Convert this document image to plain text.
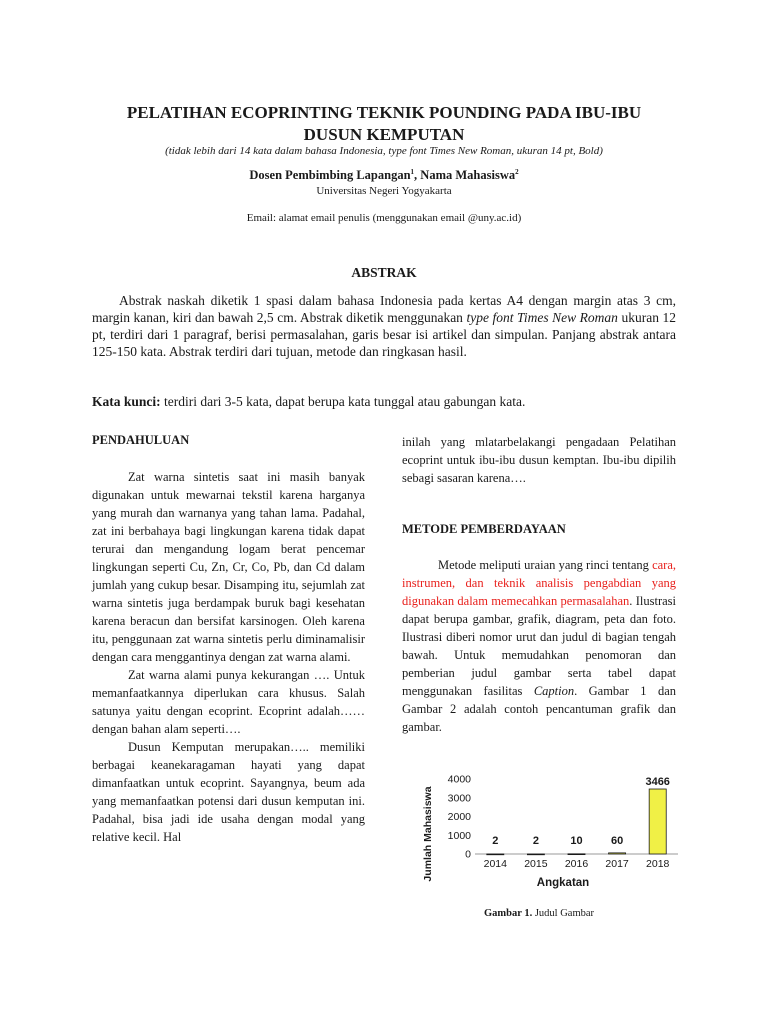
PELATIHAN ECOPRINTING TEKNIK POUNDING PADA IBU-IBU
DUSUN KEMPUTAN
(tidak lebih dari 14 kata dalam bahasa Indonesia, type font Times New Roman, ukuran 14 pt, Bold)
Dosen Pembimbing Lapangan$^1$, Nama Mahasiswa$^2$
Universitas Negeri Yogyakarta
Email: alamat email penulis (menggunakan email @uny.ac.id)
ABSTRAK
Abstrak naskah diketik 1 spasi dalam bahasa Indonesia pada kertas A4 dengan margin atas 3 cm, margin kanan, kiri dan bawah 2,5 cm. Abstrak diketik menggunakan type font Times New Roman ukuran 12 pt, terdiri dari 1 paragraf, berisi permasalahan, garis besar isi artikel dan simpulan. Panjang abstrak antara 125-150 kata. Abstrak terdiri dari tujuan, metode dan ringkasan hasil.
Kata kunci: terdiri dari 3-5 kata, dapat berupa kata tunggal atau gabungan kata.
PENDAHULUAN

Zat warna sintetis saat ini masih banyak digunakan untuk mewarnai tekstil karena harganya yang murah dan warnanya yang tahan lama. Padahal, zat ini berbahaya bagi lingkungan karena tidak dapat terurai dan mengandung logam berat pencemar lingkungan seperti Cu, Zn, Cr, Co, Pb, dan Cd dalam jumlah yang cukup besar. Disamping itu, sejumlah zat warna sintetis juga berdampak buruk bagi kesehatan karena beracun dan bersifat karsinogen. Oleh karena itu, penggunaan zat warna sintetis perlu diminamalisir dengan cara menggantinya dengan zat warna alami.

Zat warna alami punya kekurangan …. Untuk memanfaatkannya diperlukan cara khusus. Salah satunya yaitu dengan ecoprint. Ecoprint adalah…… dengan bahan alam seperti….

Dusun Kemputan merupakan….. memiliki berbagai keanekaragaman hayati yang dapat dimanfaatkan untuk ecoprint. Sayangnya, beum ada yang memanfaatkan potensi dari dusun kemputan ini. Padahal, bisa jadi ide usaha dengan modal yang relative kecil. Hal

inilah yang mlatarbelakangi pengadaan Pelatihan ecoprint untuk ibu-ibu dusun kemptan. Ibu-ibu dipilih sebagi sasaran karena….

METODE PEMBERDAYAAN

Metode meliputi uraian yang rinci tentang cara, instrumen, dan teknik analisis pengabdian yang digunakan dalam memecahkan permasalahan. Ilustrasi dapat berupa gambar, grafik, diagram, peta dan foto. Ilustrasi diberi nomor urut dan judul di bagian tengah bawah. Untuk memudahkan penomoran dan pemberian judul gambar serta tabel dapat menggunakan fasilitas Caption. Gambar 1 dan Gambar 2 adalah contoh pencantuman grafik dan gambar.

Jumlah Mahasiswa
Angkatan
0
1000
2000
3000
4000
2014
2
2015
2
2016
10
2017
60
2018
3466
Gambar 1. Judul Gambar
